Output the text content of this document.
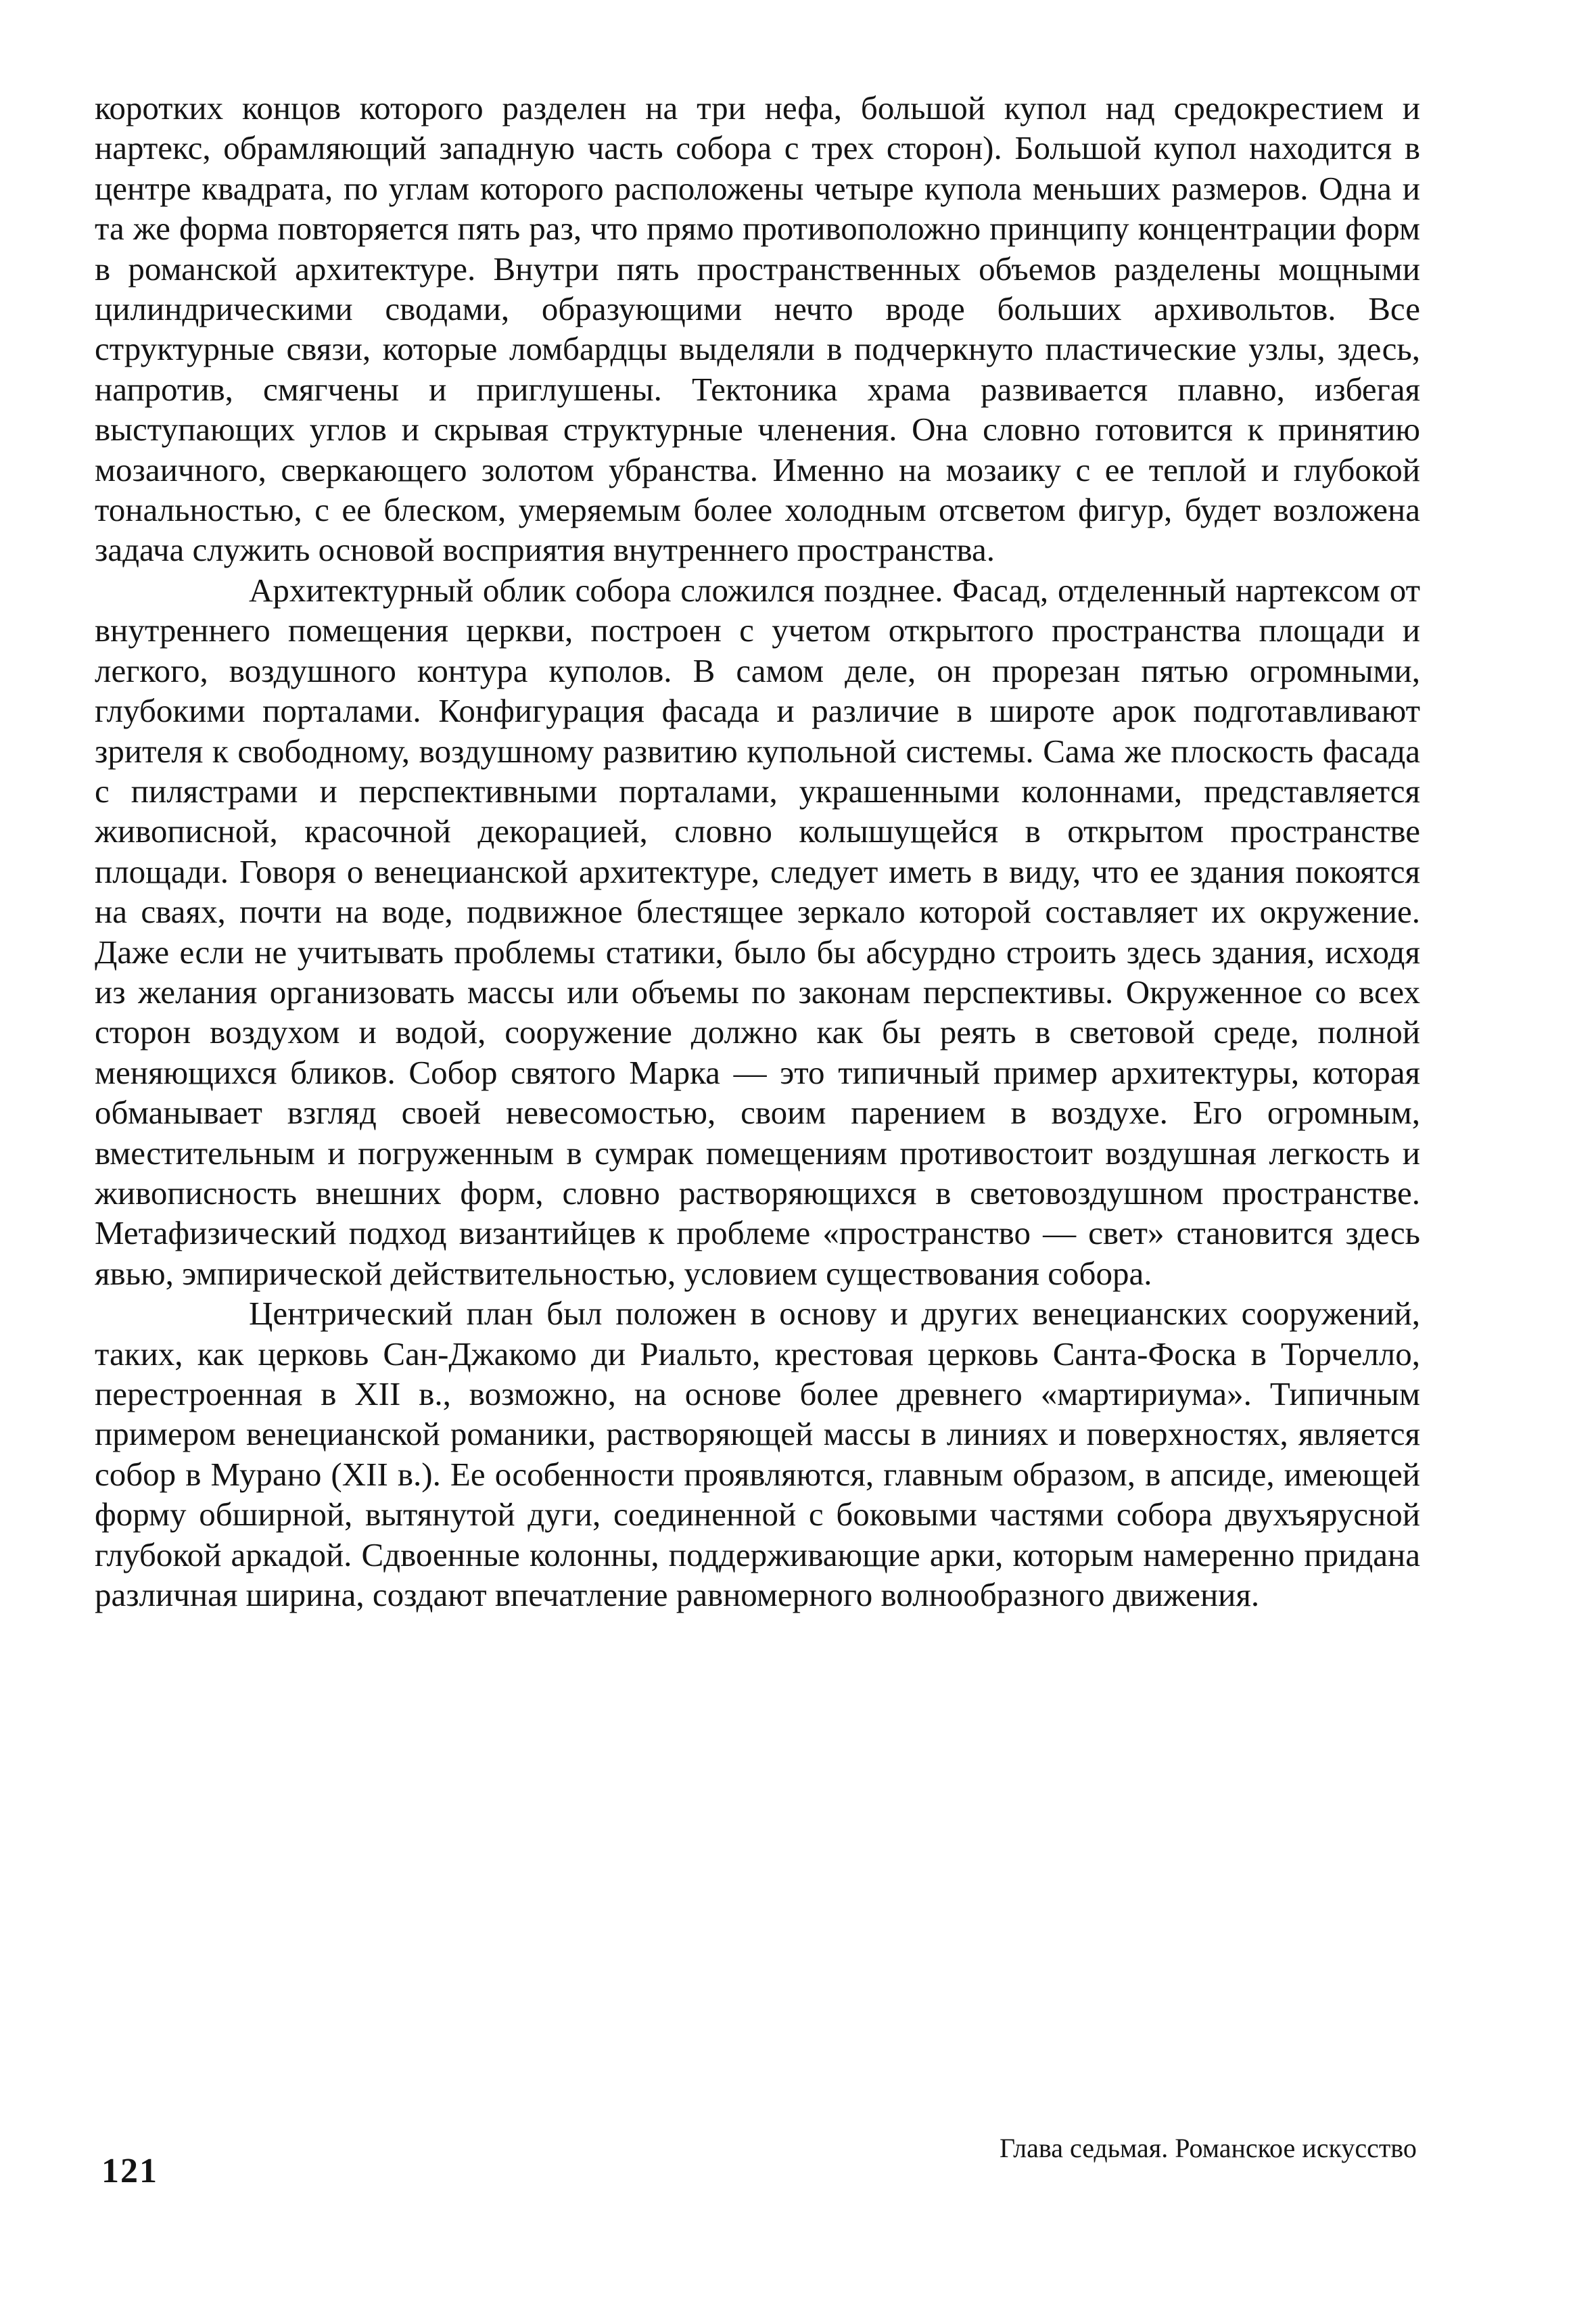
коротких концов которого разделен на три нефа, большой купол над средокрестием и нартекс, обрамляющий западную часть собора с трех сторон). Большой купол находится в центре квадрата, по углам которого расположены четыре купола меньших размеров. Одна и та же форма повторяется пять раз, что прямо противоположно принципу концентрации форм в романской архитектуре. Внутри пять пространственных объемов разделены мощными цилиндрическими сводами, образующими нечто вроде больших архивольтов. Все структурные связи, которые ломбардцы выделяли в подчеркнуто пластические узлы, здесь, напротив, смягчены и приглушены. Тектоника храма развивается плавно, избегая выступающих углов и скрывая структурные членения. Она словно готовится к принятию мозаичного, сверкающего золотом убранства. Именно на мозаику с ее теплой и глубокой тональностью, с ее блеском, умеряемым более холодным отсветом фигур, будет возложена задача служить основой восприятия внутреннего пространства.

Архитектурный облик собора сложился позднее. Фасад, отделенный нартексом от внутреннего помещения церкви, построен с учетом открытого пространства площади и легкого, воздушного контура куполов. В самом деле, он прорезан пятью огромными, глубокими порталами. Конфигурация фасада и различие в широте арок подготавливают зрителя к свободному, воздушному развитию купольной системы. Сама же плоскость фасада с пилястрами и перспективными порталами, украшенными колоннами, представляется живописной, красочной декорацией, словно колышущейся в открытом пространстве площади. Говоря о венецианской архитектуре, следует иметь в виду, что ее здания покоятся на сваях, почти на воде, подвижное блестящее зеркало которой составляет их окружение. Даже если не учитывать проблемы статики, было бы абсурдно строить здесь здания, исходя из желания организовать массы или объемы по законам перспективы. Окруженное со всех сторон воздухом и водой, сооружение должно как бы реять в световой среде, полной меняющихся бликов. Собор святого Марка — это типичный пример архитектуры, которая обманывает взгляд своей невесомостью, своим парением в воздухе. Его огромным, вместительным и погруженным в сумрак помещениям противостоит воздушная легкость и живописность внешних форм, словно растворяющихся в световоздушном пространстве. Метафизический подход византийцев к проблеме «пространство — свет» становится здесь явью, эмпирической действительностью, условием существования собора.

Центрический план был положен в основу и других венецианских сооружений, таких, как церковь Сан-Джакомо ди Риальто, крестовая церковь Санта-Фоска в Торчелло, перестроенная в XII в., возможно, на основе более древнего «мартириума». Типичным примером венецианской романики, растворяющей массы в линиях и поверхностях, является собор в Мурано (XII в.). Ее особенности проявляются, главным образом, в апсиде, имеющей форму обширной, вытянутой дуги, соединенной с боковыми частями собора двухъярусной глубокой аркадой. Сдвоенные колонны, поддерживающие арки, которым намеренно придана различная ширина, создают впечатление равномерного волнообразного движения.

121
Глава седьмая. Романское искусство
